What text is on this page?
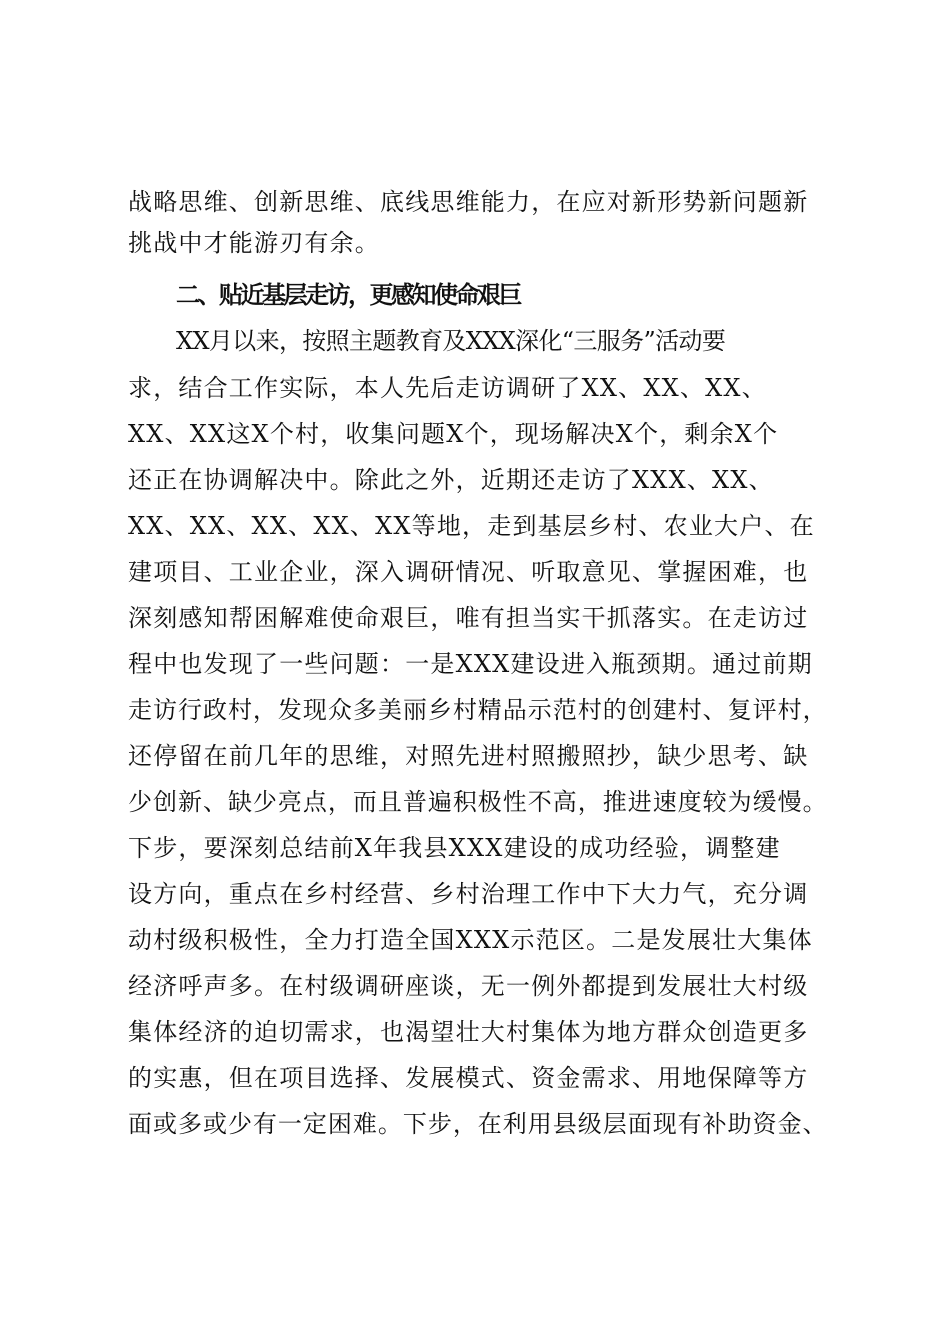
战略思维、创新思维、底线思维能力，在应对新形势新问题新
挑战中才能游刃有余。
二、贴近基层走访，更感知使命艰巨
XX月以来，按照主题教育及XXX深化“三服务”活动要
求，结合工作实际，本人先后走访调研了XX、XX、XX、
XX、XX这X个村，收集问题X个，现场解决X个，剩余X个
还正在协调解决中。除此之外，近期还走访了XXX、XX、
XX、XX、XX、XX、XX等地，走到基层乡村、农业大户、在
建项目、工业企业，深入调研情况、听取意见、掌握困难，也
深刻感知帮困解难使命艰巨，唯有担当实干抓落实。在走访过
程中也发现了一些问题：一是XXX建设进入瓶颈期。通过前期
走访行政村，发现众多美丽乡村精品示范村的创建村、复评村，
还停留在前几年的思维，对照先进村照搬照抄，缺少思考、缺
少创新、缺少亮点，而且普遍积极性不高，推进速度较为缓慢。
下步，要深刻总结前X年我县XXX建设的成功经验，调整建
设方向，重点在乡村经营、乡村治理工作中下大力气，充分调
动村级积极性，全力打造全国XXX示范区。二是发展壮大集体
经济呼声多。在村级调研座谈，无一例外都提到发展壮大村级
集体经济的迫切需求，也渴望壮大村集体为地方群众创造更多
的实惠，但在项目选择、发展模式、资金需求、用地保障等方
面或多或少有一定困难。下步，在利用县级层面现有补助资金、
